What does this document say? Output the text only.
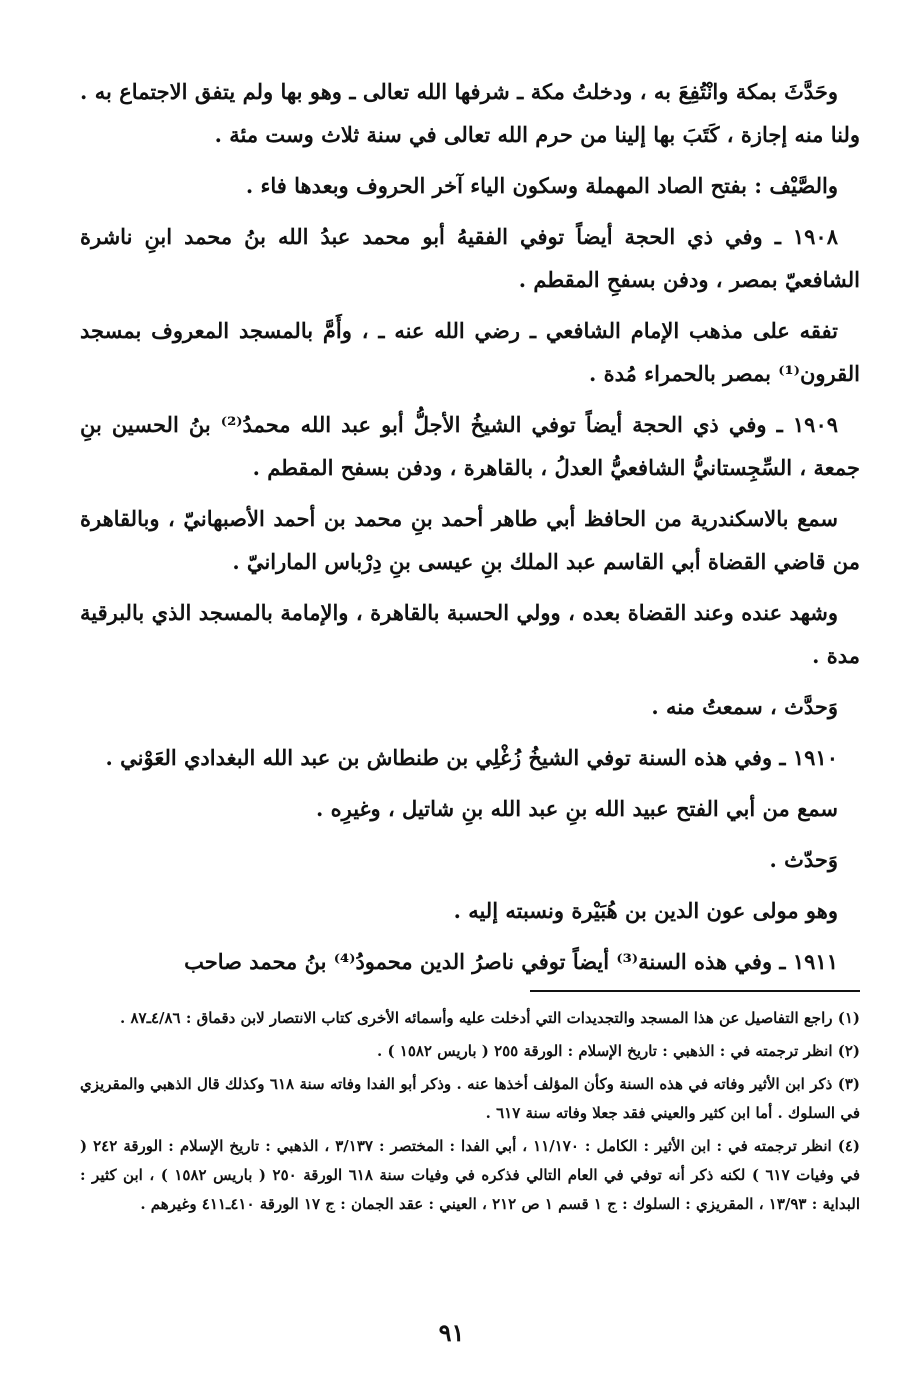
وحَدَّثَ بمكة وانْتُفِعَ به ، ودخلتُ مكة ـ شرفها الله تعالى ـ وهو بها ولم يتفق الاجتماع به . ولنا منه إجازة ، كَتَبَ بها إلينا من حرم الله تعالى في سنة ثلاث وست مئة .

والصَّيْف : بفتح الصاد المهملة وسكون الياء آخر الحروف وبعدها فاء .

١٩٠٨ ـ وفي ذي الحجة أيضاً توفي الفقيهُ أبو محمد عبدُ الله بنُ محمد ابنِ ناشرة الشافعيّ بمصر ، ودفن بسفحِ المقطم .

تفقه على مذهب الإمام الشافعي ـ رضي الله عنه ـ ، وأَمَّ بالمسجد المعروف بمسجد القرون⁽¹⁾ بمصر بالحمراء مُدة .

١٩٠٩ ـ وفي ذي الحجة أيضاً توفي الشيخُ الأجلُّ أبو عبد الله محمدُ⁽²⁾ بنُ الحسين بنِ جمعة ، السِّجِستانيُّ الشافعيُّ العدلُ ، بالقاهرة ، ودفن بسفح المقطم .

سمع بالاسكندرية من الحافظ أبي طاهر أحمد بنِ محمد بن أحمد الأصبهانيّ ، وبالقاهرة من قاضي القضاة أبي القاسم عبد الملك بنِ عيسى بنِ دِرْباس المارانيّ .

وشهد عنده وعند القضاة بعده ، وولي الحسبة بالقاهرة ، والإمامة بالمسجد الذي بالبرقية مدة .

وَحدَّث ، سمعتُ منه .

١٩١٠ ـ وفي هذه السنة توفي الشيخُ زُغْلِي بن طنطاش بن عبد الله البغدادي العَوْني .

سمع من أبي الفتح عبيد الله بنِ عبد الله بنِ شاتيل ، وغيرِه .

وَحدّث .

وهو مولى عون الدين بن هُبَيْرة ونسبته إليه .

١٩١١ ـ وفي هذه السنة⁽³⁾ أيضاً توفي ناصرُ الدين محمودُ⁽⁴⁾ بنُ محمد صاحب

(١) راجع التفاصيل عن هذا المسجد والتجديدات التي أدخلت عليه وأسمائه الأخرى كتاب الانتصار لابن دقماق : ٤/٨٦ـ٨٧ .

(٢) انظر ترجمته في : الذهبي : تاريخ الإسلام : الورقة ٢٥٥ ( باريس ١٥٨٢ ) .

(٣) ذكر ابن الأثير وفاته في هذه السنة وكأن المؤلف أخذها عنه . وذكر أبو الفدا وفاته سنة ٦١٨ وكذلك قال الذهبي والمقريزي في السلوك . أما ابن كثير والعيني فقد جعلا وفاته سنة ٦١٧ .

(٤) انظر ترجمته في : ابن الأثير : الكامل : ١١/١٧٠ ، أبي الفدا : المختصر : ٣/١٣٧ ، الذهبي : تاريخ الإسلام : الورقة ٢٤٢ ( في وفيات ٦١٧ ) لكنه ذكر أنه توفي في العام التالي فذكره في وفيات سنة ٦١٨ الورقة ٢٥٠ ( باريس ١٥٨٢ ) ، ابن كثير : البداية : ١٣/٩٣ ، المقريزي : السلوك : ج ١ قسم ١ ص ٢١٢ ، العيني : عقد الجمان : ج ١٧ الورقة ٤١٠ـ٤١١ وغيرهم .

٩١
